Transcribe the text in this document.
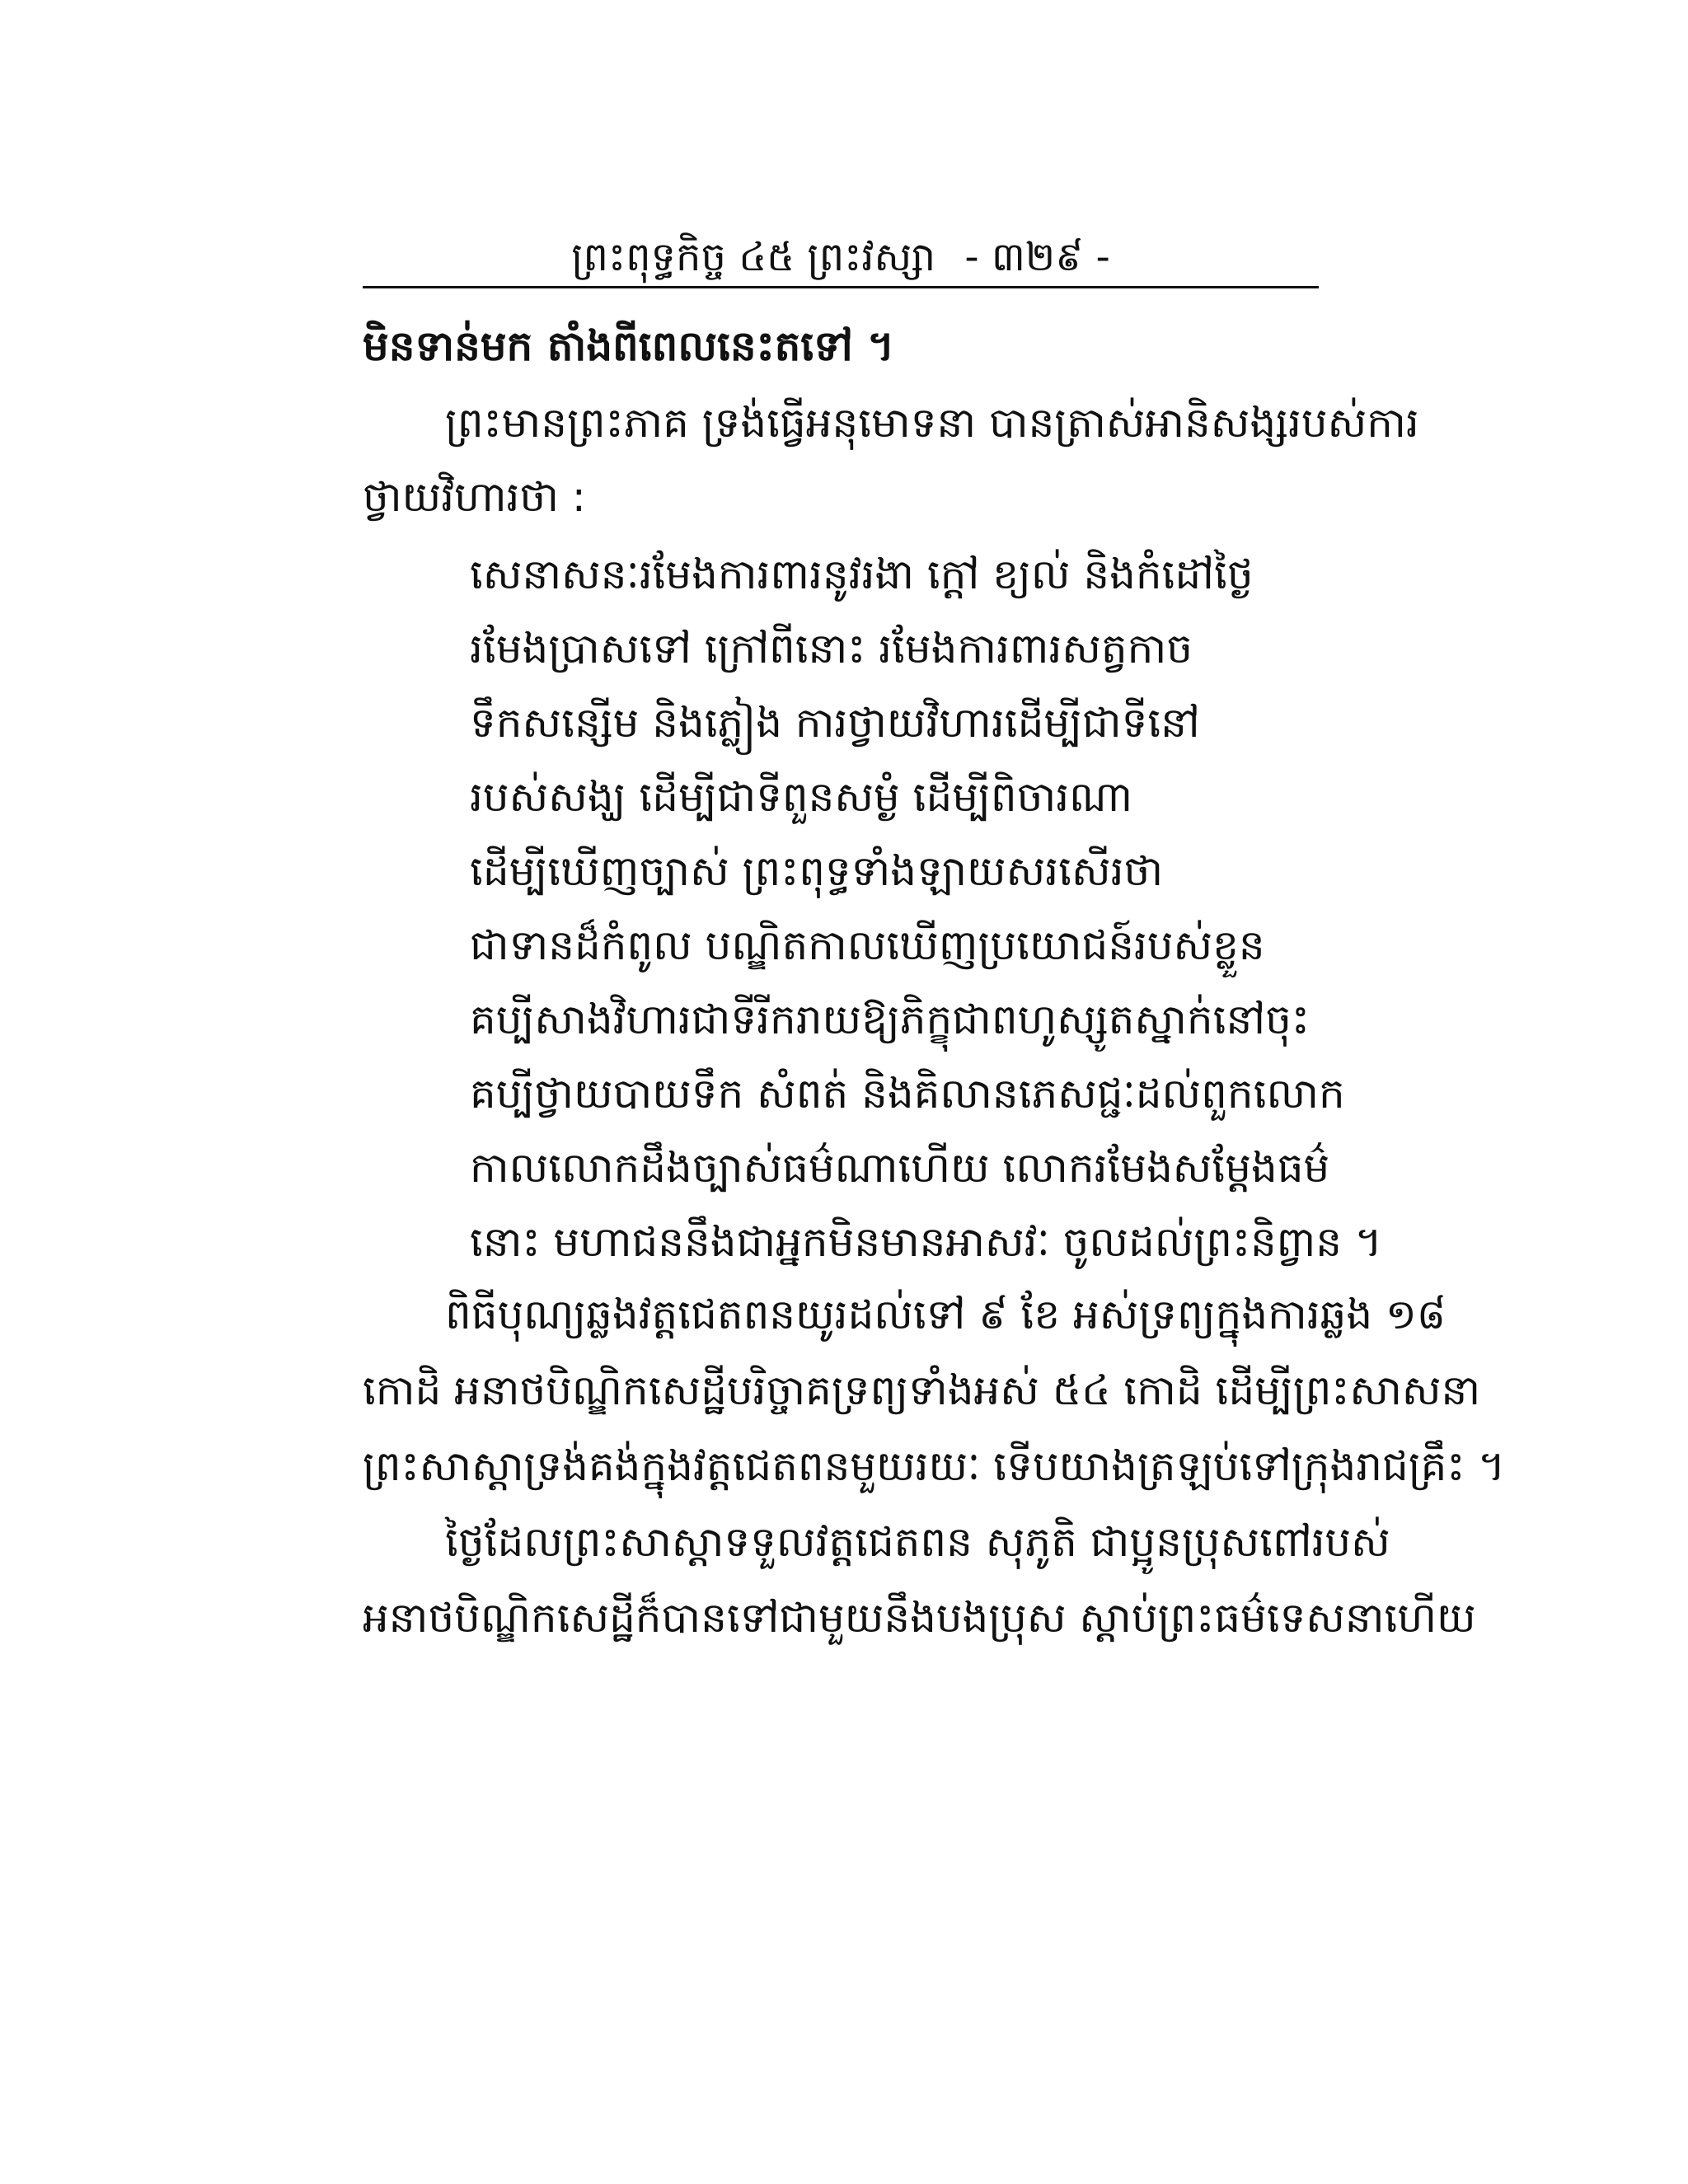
ព្រះពុទ្ធកិច្ច ៤៥ ព្រះវស្សា - ៣២៩ -
មិនទាន់មក តាំងពីពេលនេះតទៅ ។
ព្រះមានព្រះភាគ ទ្រង់ធ្វើអនុមោទនា បានត្រាស់អានិសង្សរបស់ការ
ថ្វាយវិហារថា :
សេនាសនៈរមែងការពារនូវរងា ក្តៅ ខ្យល់ និងកំដៅថ្ងៃ
រមែងប្រាសទៅ ក្រៅពីនោះ រមែងការពារសត្វកាច
ទឹកសន្សើម និងភ្លៀង ការថ្វាយវិហារដើម្បីជាទីនៅ
របស់សង្ឃ ដើម្បីជាទីពួនសម្ងំ ដើម្បីពិចារណា
ដើម្បីឃើញច្បាស់ ព្រះពុទ្ធទាំងឡាយសរសើរថា
ជាទានដ៏កំពូល បណ្ឌិតកាលឃើញប្រយោជន៍របស់ខ្លួន
គប្បីសាងវិហារជាទីរីករាយឱ្យភិក្ខុជាពហូស្សូតស្នាក់នៅចុះ
គប្បីថ្វាយបាយទឹក សំពត់ និងគិលានភេសជ្ជៈដល់ពួកលោក
កាលលោកដឹងច្បាស់ធម៌ណាហើយ លោករមែងសម្តែងធម៌
នោះ មហាជននឹងជាអ្នកមិនមានអាសវៈ ចូលដល់ព្រះនិព្វាន ។
ពិធីបុណ្យឆ្លងវត្តជេតពនយូរដល់ទៅ ៩ ខែ អស់ទ្រព្យក្នុងការឆ្លង ១៨
កោដិ អនាថបិណ្ឌិកសេដ្ឋីបរិច្ចាគទ្រព្យទាំងអស់ ៥៤ កោដិ ដើម្បីព្រះសាសនា
ព្រះសាស្តាទ្រង់គង់ក្នុងវត្តជេតពនមួយរយៈ ទើបយាងត្រឡប់ទៅក្រុងរាជគ្រឹះ ។
ថ្ងៃដែលព្រះសាស្តាទទួលវត្តជេតពន សុភូតិ ជាប្អូនប្រុសពៅរបស់
អនាថបិណ្ឌិកសេដ្ឋីក៏បានទៅជាមួយនឹងបងប្រុស ស្តាប់ព្រះធម៌ទេសនាហើយ
